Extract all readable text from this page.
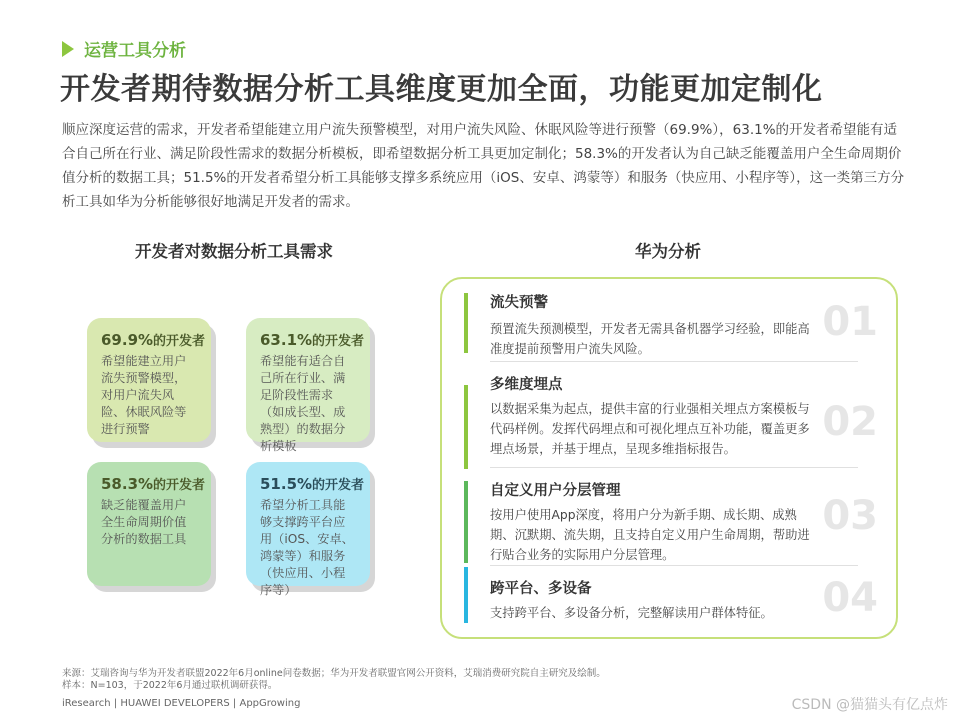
运营工具分析
开发者期待数据分析工具维度更加全面，功能更加定制化
顺应深度运营的需求，开发者希望能建立用户流失预警模型，对用户流失风险、休眠风险等进行预警（69.9%），63.1%的开发者希望能有适合自己所在行业、满足阶段性需求的数据分析模板，即希望数据分析工具更加定制化；58.3%的开发者认为自己缺乏能覆盖用户全生命周期价值分析的数据工具；51.5%的开发者希望分析工具能够支撑多系统应用（iOS、安卓、鸿蒙等）和服务（快应用、小程序等），这一类第三方分析工具如华为分析能够很好地满足开发者的需求。
开发者对数据分析工具需求	华为分析
69.9%的开发者
希望能建立用户流失预警模型，对用户流失风险、休眠风险等进行预警
63.1%的开发者
希望能有适合自己所在行业、满足阶段性需求（如成长型、成熟型）的数据分析模板
58.3%的开发者
缺乏能覆盖用户全生命周期价值分析的数据工具
51.5%的开发者
希望分析工具能够支撑跨平台应用（iOS、安卓、鸿蒙等）和服务（快应用、小程序等）
流失预警
预置流失预测模型，开发者无需具备机器学习经验，即能高准度提前预警用户流失风险。
01
多维度埋点
以数据采集为起点，提供丰富的行业强相关埋点方案模板与代码样例。发挥代码埋点和可视化埋点互补功能，覆盖更多埋点场景，并基于埋点，呈现多维指标报告。
02
自定义用户分层管理
按用户使用App深度，将用户分为新手期、成长期、成熟期、沉默期、流失期，且支持自定义用户生命周期，帮助进行贴合业务的实际用户分层管理。
03
跨平台、多设备
支持跨平台、多设备分析，完整解读用户群体特征。	04
来源：艾瑞咨询与华为开发者联盟2022年6月online问卷数据；华为开发者联盟官网公开资料，艾瑞消费研究院自主研究及绘制。
样本：N=103，于2022年6月通过联机调研获得。
iResearch | HUAWEI DEVELOPERS | AppGrowing	CSDN @猫猫头有亿点炸
